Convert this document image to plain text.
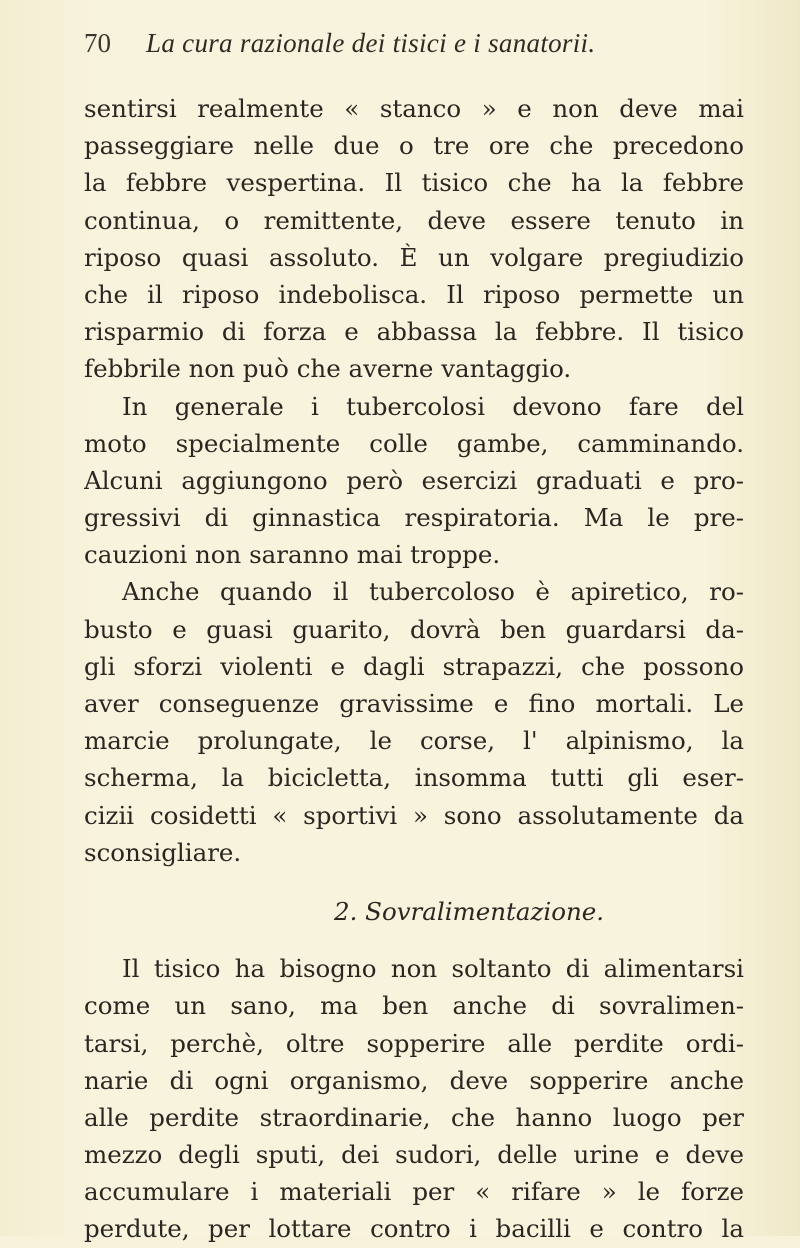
70 La cura razionale dei tisici e i sanatorii.
sentirsi realmente « stanco » e non deve mai
passeggiare nelle due o tre ore che precedono
la febbre vespertina. Il tisico che ha la febbre
continua, o remittente, deve essere tenuto in
riposo quasi assoluto. È un volgare pregiudizio
che il riposo indebolisca. Il riposo permette un
risparmio di forza e abbassa la febbre. Il tisico
febbrile non può che averne vantaggio.
In generale i tubercolosi devono fare del
moto specialmente colle gambe, camminando.
Alcuni aggiungono però esercizi graduati e pro-
gressivi di ginnastica respiratoria. Ma le pre-
cauzioni non saranno mai troppe.
Anche quando il tubercoloso è apiretico, ro-
busto e guasi guarito, dovrà ben guardarsi da-
gli sforzi violenti e dagli strapazzi, che possono
aver conseguenze gravissime e fino mortali. Le
marcie prolungate, le corse, l' alpinismo, la
scherma, la bicicletta, insomma tutti gli eser-
cizii cosidetti « sportivi » sono assolutamente da
sconsigliare.
2. Sovralimentazione.
Il tisico ha bisogno non soltanto di alimentarsi
come un sano, ma ben anche di sovralimen-
tarsi, perchè, oltre sopperire alle perdite ordi-
narie di ogni organismo, deve sopperire anche
alle perdite straordinarie, che hanno luogo per
mezzo degli sputi, dei sudori, delle urine e deve
accumulare i materiali per « rifare » le forze
perdute, per lottare contro i bacilli e contro la
